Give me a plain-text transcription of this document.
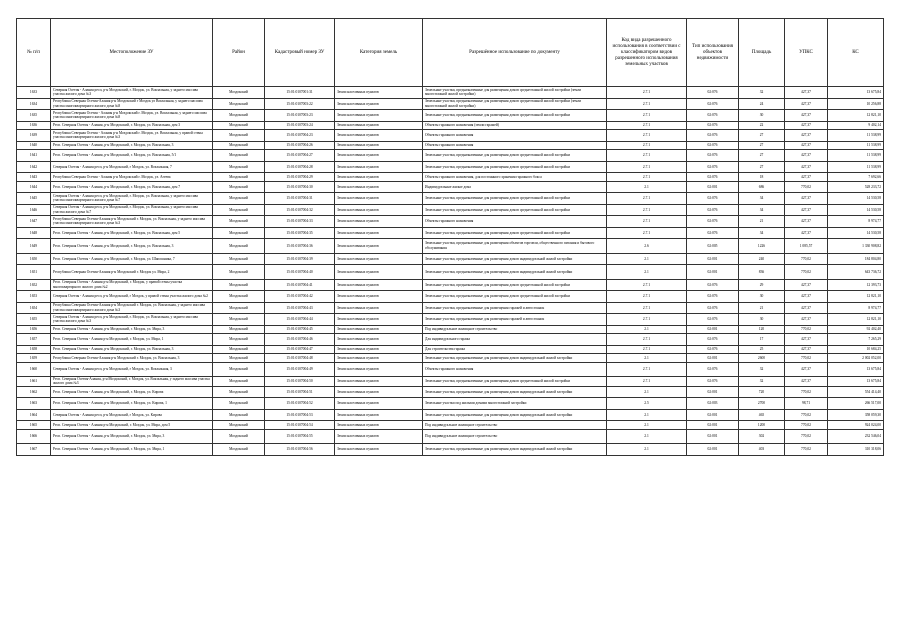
№ п/п	Местоположение ЗУ	Район	Кадастровый номер ЗУ	Категория земель	Разрешённое использование по документу	Код вида разрешенного использования в соответствии с классификатором видов разрешенного использования земельных участков	Тип использования объектов недвижимости	Площадь	УПКС	КС
1633	Северная Осетия - Алания респ, р-н Моздокский, г. Моздок, ул. Вокзальная, у заднего массива участка жилого дома №3	Моздокский	15:01:0107001:31	Земли населенных пунктов	Земельные участки, предназначенные для размещения домов среднеэтажной жилой застройки (земли многоэтажной жилой застройки)	2.7.1	02:076	32	427,37	13 675,84
1634	Республика Северная Осетия-Алания р-н Моздокский г Моздок ул Вокзальная, у заднего массива участка многоквартирного жилого дома №8	Моздокский	15:01:0107003:22	Земли населенных пунктов	Земельные участки, предназначенные для размещения домов среднеэтажной жилой застройки (земли многоэтажной жилой застройки)	2.7.1	02:076	24	427,37	10 256,88
1635	Республика Северная Осетия - Алания р-н Моздокский г. Моздок, ул. Вокзальная, у заднего массива участка многоквартирного жилого дома №8	Моздокский	15:01:0107003:23	Земли населенных пунктов	Земельные участки, предназначенные для размещения домов среднеэтажной жилой застройки	2.7.1	02:076	30	427,37	12 821,10
1636	Респ. Северная Осетия - Алания, р-н Моздокский, г. Моздок, ул. Вокзальная, дом 3	Моздокский	15:01:0107003:24	Земли населенных пунктов	Объекты гаражного назначения (земли гаражей)	2.7.1	02:076	22	427,37	9 402,14
1639	Республика Северная Осетия - Алания р-н Моздокский г. Моздок, ул. Вокзальная, у правой стены участка многоквартирного жилого дома №3	Моздокский	15:01:0107004:23	Земли населенных пунктов	Объекты гаражного назначения	2.7.1	02:076	27	427,37	11 538,99
1640	Респ. Северная Осетия - Алания, р-н Моздокский, г. Моздок, ул. Вокзальная, 3	Моздокский	15:01:0107004:26	Земли населенных пунктов	Объекты гаражного назначения	2.7.1	02:076	27	427,37	11 538,99
1641	Респ. Северная Осетия - Алания, р-н Моздокский, г. Моздок, ул. Вокзальная, 5/1	Моздокский	15:01:0107004:27	Земли населенных пунктов	Земельные участки, предназначенные для размещения домов среднеэтажной жилой застройки	2.7.1	02:076	27	427,37	11 538,99
1642	Северная Осетия - Алания респ, р-н Моздокский, г Моздок, ул. Вокзальная, 7	Моздокский	15:01:0107004:28	Земли населенных пунктов	Земельные участки, предназначенные для размещения домов среднеэтажной жилой застройки	2.7.1	02:076	27	427,37	11 538,99
1643	Республика Северная Осетия - Алания р-н Моздокский г. Моздок, ул. Агеева	Моздокский	15:01:0107004:29	Земли населенных пунктов	Объекты гаражного назначения, для постоянного хранения гаражного бокса	2.7.1	02:076	18	427,37	7 692,66
1644	Респ. Северная Осетия - Алания, р-н Моздокский, г. Моздок, ул. Вокзальная, дом 7	Моздокский	15:01:0107004:30	Земли населенных пунктов	Индивидуальные жилые дома	2.1	02:001	686	770,02	528 233,72
1645	Северная Осетия - Алания респ, р-н Моздокский, г. Моздок, ул. Вокзальная, у заднего массива участка многоквартирного жилого дома №7	Моздокский	15:01:0107004:31	Земли населенных пунктов	Земельные участки, предназначенные для размещения домов среднеэтажной жилой застройки	2.7.1	02:076	34	427,37	14 530,58
1646	Северная Осетия - Алания респ, р-н Моздокский, г. Моздок, ул. Вокзальная, у заднего массива участка жилого дома №7	Моздокский	15:01:0107004:32	Земли населенных пунктов	Земельные участки, предназначенные для размещения домов среднеэтажной жилой застройки	2.7.1	02:076	34	427,37	14 530,58
1647	Республика Северная Осетия-Алания р-н Моздокский г. Моздок, ул. Вокзальная, у заднего массива участка многоквартирного жилого дома №3	Моздокский	15:01:0107004:33	Земли населенных пунктов	Объекты гаражного назначения	2.7.1	02:076	21	427,37	8 974,77
1648	Респ. Северная Осетия - Алания, р-н Моздокский, г. Моздок, ул. Вокзальная, дом 5	Моздокский	15:01:0107004:35	Земли населенных пунктов	Земельные участки, предназначенные для размещения домов среднеэтажной жилой застройки	2.7.1	02:076	34	427,37	14 530,58
1649	Респ. Северная Осетия - Алания, р-н Моздокский, г. Моздок, ул. Вокзальная, 3	Моздокский	15:01:0107004:36	Земли населенных пунктов	Земельные участки, предназначенные для размещения объектов торговли, общественного питания и бытового обслуживания	2.6	02:005	1226	1 085,57	1 330 908,82
1650	Респ. Северная Осетия - Алания, р-н Моздокский, г. Моздок, ул. Шапошника, 7	Моздокский	15:01:0107004:39	Земли населенных пунктов	Земельные участки, предназначенные для размещения домов индивидуальной жилой застройки	2.1	02:001	240	770,02	184 804,80
1651	Республика Северная Осетия-Алания р-н Моздокский г. Моздок ул. Мира, 2	Моздокский	15:01:0107004:40	Земли населенных пунктов	Земельные участки, предназначенные для размещения домов индивидуальной жилой застройки	2.1	02:001	836	770,02	643 736,72
1652	Респ. Северная Осетия - Алания р-н Моздокский, г. Моздок, у правой стены участка многоквартирного жилого дома №2	Моздокский	15:01:0107004:41	Земли населенных пунктов	Земельные участки, предназначенные для размещения домов среднеэтажной жилой застройки	2.7.1	02:076	29	427,37	12 393,73
1653	Северная Осетия - Алания респ, р-н Моздокский, г Моздок, у правой стены участка жилого дома №2	Моздокский	15:01:0107004:42	Земли населенных пунктов	Земельные участки, предназначенные для размещения домов среднеэтажной жилой застройки	2.7.1	02:076	30	427,37	12 821,10
1654	Республика Северная Осетия-Алания р-н Моздокский г. Моздок, ул. Вокзальная, у заднего массива участка многоквартирного жилого дома №3	Моздокский	15:01:0107004:43	Земли населенных пунктов	Земельные участки, предназначенные для размещения гаражей и автостоянок	2.7.1	02:076	21	427,37	8 974,77
1655	Северная Осетия - Алания респ, р-н Моздокский, г. Моздок, ул. Вокзальная, у заднего массива участка жилого дома №3	Моздокский	15:01:0107004:44	Земли населенных пунктов	Земельные участки, предназначенные для размещения гаражей и автостоянок	2.7.1	02:076	30	427,37	12 821,10
1656	Респ. Северная Осетия - Алания, р-н Моздокский, г. Моздок, ул. Мира, 3	Моздокский	15:01:0107004:45	Земли населенных пунктов	Под индивидуальное жилищное строительство	2.1	02:001	120	770,02	92 402,40
1657	Респ. Северная Осетия - Алания р-н Моздокский, г. Моздок, ул. Мира, 1	Моздокский	15:01:0107004:46	Земли населенных пунктов	Для индивидуального гаража	2.7.1	02:076	17	427,37	7 265,29
1658	Респ. Северная Осетия - Алания, р-н Моздокский, г. Моздок, ул. Вокзальная, 3	Моздокский	15:01:0107004:47	Земли населенных пунктов	Для строительства гаража	2.7.1	02:076	25	427,37	10 684,25
1659	Республика Северная Осетия-Алания р-н Моздокский г. Моздок, ул. Вокзальная, 3	Моздокский	15:01:0107004:48	Земли населенных пунктов	Земельные участки, предназначенные для размещения домов индивидуальной жилой застройки	2.1	02:001	2600	770,02	2 002 052,00
1660	Северная Осетия - Алания респ, р-н Моздокский, г Моздок, ул. Вокзальная, 3	Моздокский	15:01:0107004:49	Земли населенных пунктов	Объекты гаражного назначения	2.7.1	02:076	32	427,37	13 675,84
1661	Респ. Северная Осетия-Алания, р-н Моздокский, г. Моздок, ул. Вокзальная, у заднего массива участка жилого дома №3	Моздокский	15:01:0107004:50	Земли населенных пунктов	Земельные участки, предназначенные для размещения домов среднеэтажной жилой застройки	2.7.1	02:076	32	427,37	13 675,84
1662	Респ. Северная Осетия - Алания, р-н Моздокский, г. Моздок, ул. Кирова	Моздокский	15:01:0107004:51	Земли населенных пунктов	Земельные участки, предназначенные для размещения домов индивидуальной жилой застройки	2.1	02:001	720	770,02	554 414,40
1663	Респ. Северная Осетия - Алания, р-н Моздокский, г. Моздок, ул. Кирова, 1	Моздокский	15:01:0107004:52	Земли населенных пунктов	Земельные участки под жилыми домами многоэтажной застройки	2.5	02:003	2700	98,71	266 517,00
1664	Северная Осетия - Алания респ, р-н Моздокский, г Моздок, ул. Кирова	Моздокский	15:01:0107004:53	Земли населенных пунктов	Земельные участки, предназначенные для размещения домов индивидуальной жилой застройки	2.1	02:001	465	770,02	358 059,30
1665	Респ. Северная Осетия - Алания р-н Моздокский, г. Моздок, ул. Мира, дом 5	Моздокский	15:01:0107004:54	Земли населенных пунктов	Под индивидуальное жилищное строительство	2.1	02:001	1200	770,02	924 024,00
1666	Респ. Северная Осетия - Алания, р-н Моздокский, г. Моздок, ул. Мира, 3	Моздокский	15:01:0107004:55	Земли населенных пунктов	Под индивидуальное жилищное строительство	2.1	02:001	302	770,02	232 546,04
1667	Респ. Северная Осетия - Алания, р-н Моздокский, г. Моздок, ул. Мира, 1	Моздокский	15:01:0107004:56	Земли населенных пунктов	Земельные участки, предназначенные для размещения домов индивидуальной жилой застройки	2.1	02:001	403	770,02	310 318,06
